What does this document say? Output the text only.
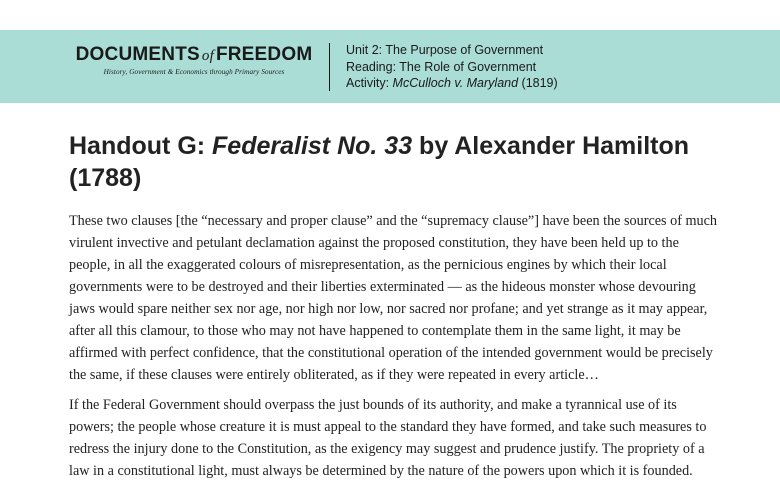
DOCUMENTS of FREEDOM
History, Government & Economics through Primary Sources
Unit 2: The Purpose of Government
Reading: The Role of Government
Activity: McCulloch v. Maryland (1819)
Handout G: Federalist No. 33 by Alexander Hamilton (1788)

These two clauses [the “necessary and proper clause” and the “supremacy clause”] have been the sources of much virulent invective and petulant declamation against the proposed constitution, they have been held up to the people, in all the exaggerated colours of misrepresentation, as the pernicious engines by which their local governments were to be destroyed and their liberties exterminated — as the hideous monster whose devouring jaws would spare neither sex nor age, nor high nor low, nor sacred nor profane; and yet strange as it may appear, after all this clamour, to those who may not have happened to contemplate them in the same light, it may be affirmed with perfect confidence, that the constitutional operation of the intended government would be precisely the same, if these clauses were entirely obliterated, as if they were repeated in every article…

If the Federal Government should overpass the just bounds of its authority, and make a tyrannical use of its powers; the people whose creature it is must appeal to the standard they have formed, and take such measures to redress the injury done to the Constitution, as the exigency may suggest and prudence justify. The propriety of a law in a constitutional light, must always be determined by the nature of the powers upon which it is founded.
